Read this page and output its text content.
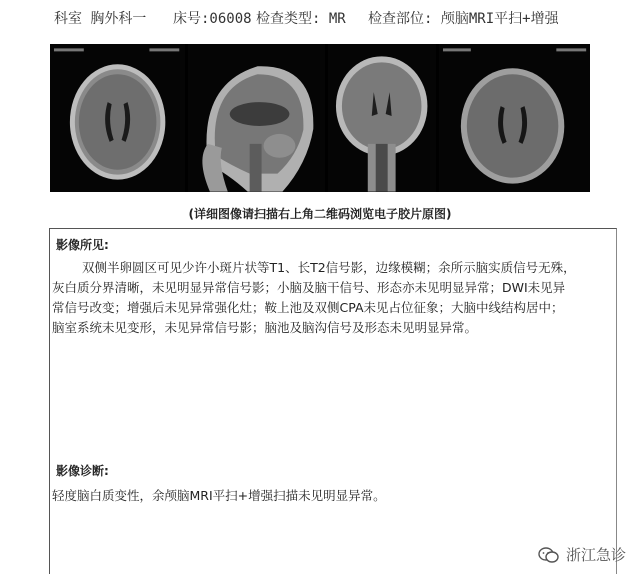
科室 胸外科一 床号:06008 检查类型: MR 检查部位: 颅脑MRI平扫+增强
(详细图像请扫描右上角二维码浏览电子胶片原图)
影像所见:
双侧半卵圆区可见少许小斑片状等T1、长T2信号影，边缘模糊；余所示脑实质信号无殊，
灰白质分界清晰，未见明显异常信号影；小脑及脑干信号、形态亦未见明显异常；DWI未见异
常信号改变；增强后未见异常强化灶；鞍上池及双侧CPA未见占位征象；大脑中线结构居中；
脑室系统未见变形，未见异常信号影；脑池及脑沟信号及形态未见明显异常。
影像诊断:
轻度脑白质变性，余颅脑MRI平扫+增强扫描未见明显异常。
浙江急诊
